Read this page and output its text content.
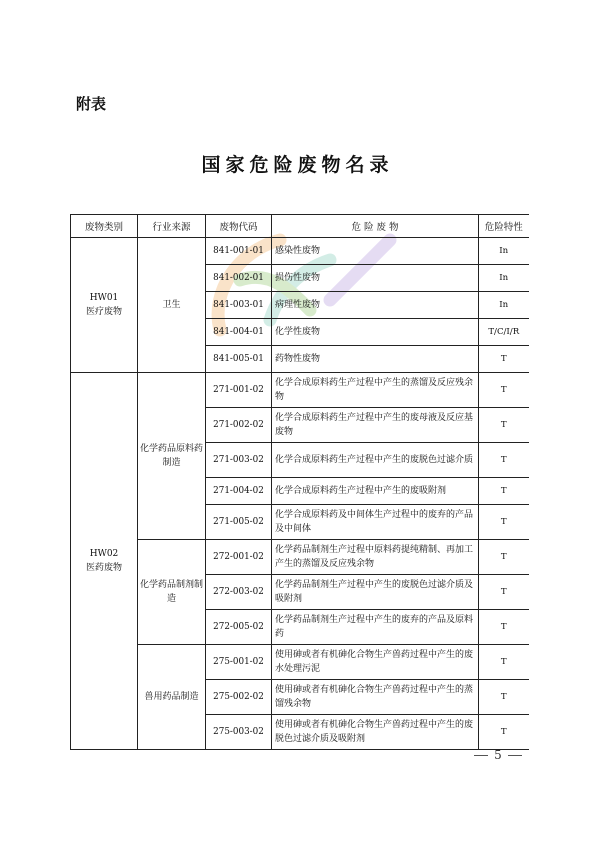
附表
国家危险废物名录
废物类别	行业来源	废物代码	危 险 废 物	危险特性
HW01
医疗废物	卫生	841-001-01	感染性废物	In
		841-002-01	损伤性废物	In
		841-003-01	病理性废物	In
		841-004-01	化学性废物	T/C/I/R
		841-005-01	药物性废物	T
HW02
医药废物	化学药品原料药制造	271-001-02	化学合成原料药生产过程中产生的蒸馏及反应残余物	T
		271-002-02	化学合成原料药生产过程中产生的废母液及反应基废物	T
		271-003-02	化学合成原料药生产过程中产生的废脱色过滤介质	T
		271-004-02	化学合成原料药生产过程中产生的废吸附剂	T
		271-005-02	化学合成原料药及中间体生产过程中的废弃的产品及中间体	T
	化学药品制剂制造	272-001-02	化学药品制剂生产过程中原料药提纯精制、再加工产生的蒸馏及反应残余物	T
		272-003-02	化学药品制剂生产过程中产生的废脱色过滤介质及吸附剂	T
		272-005-02	化学药品制剂生产过程中产生的废弃的产品及原料药	T
	兽用药品制造	275-001-02	使用砷或者有机砷化合物生产兽药过程中产生的废水处理污泥	T
		275-002-02	使用砷或者有机砷化合物生产兽药过程中产生的蒸馏残余物	T
		275-003-02	使用砷或者有机砷化合物生产兽药过程中产生的废脱色过滤介质及吸附剂	T
5
